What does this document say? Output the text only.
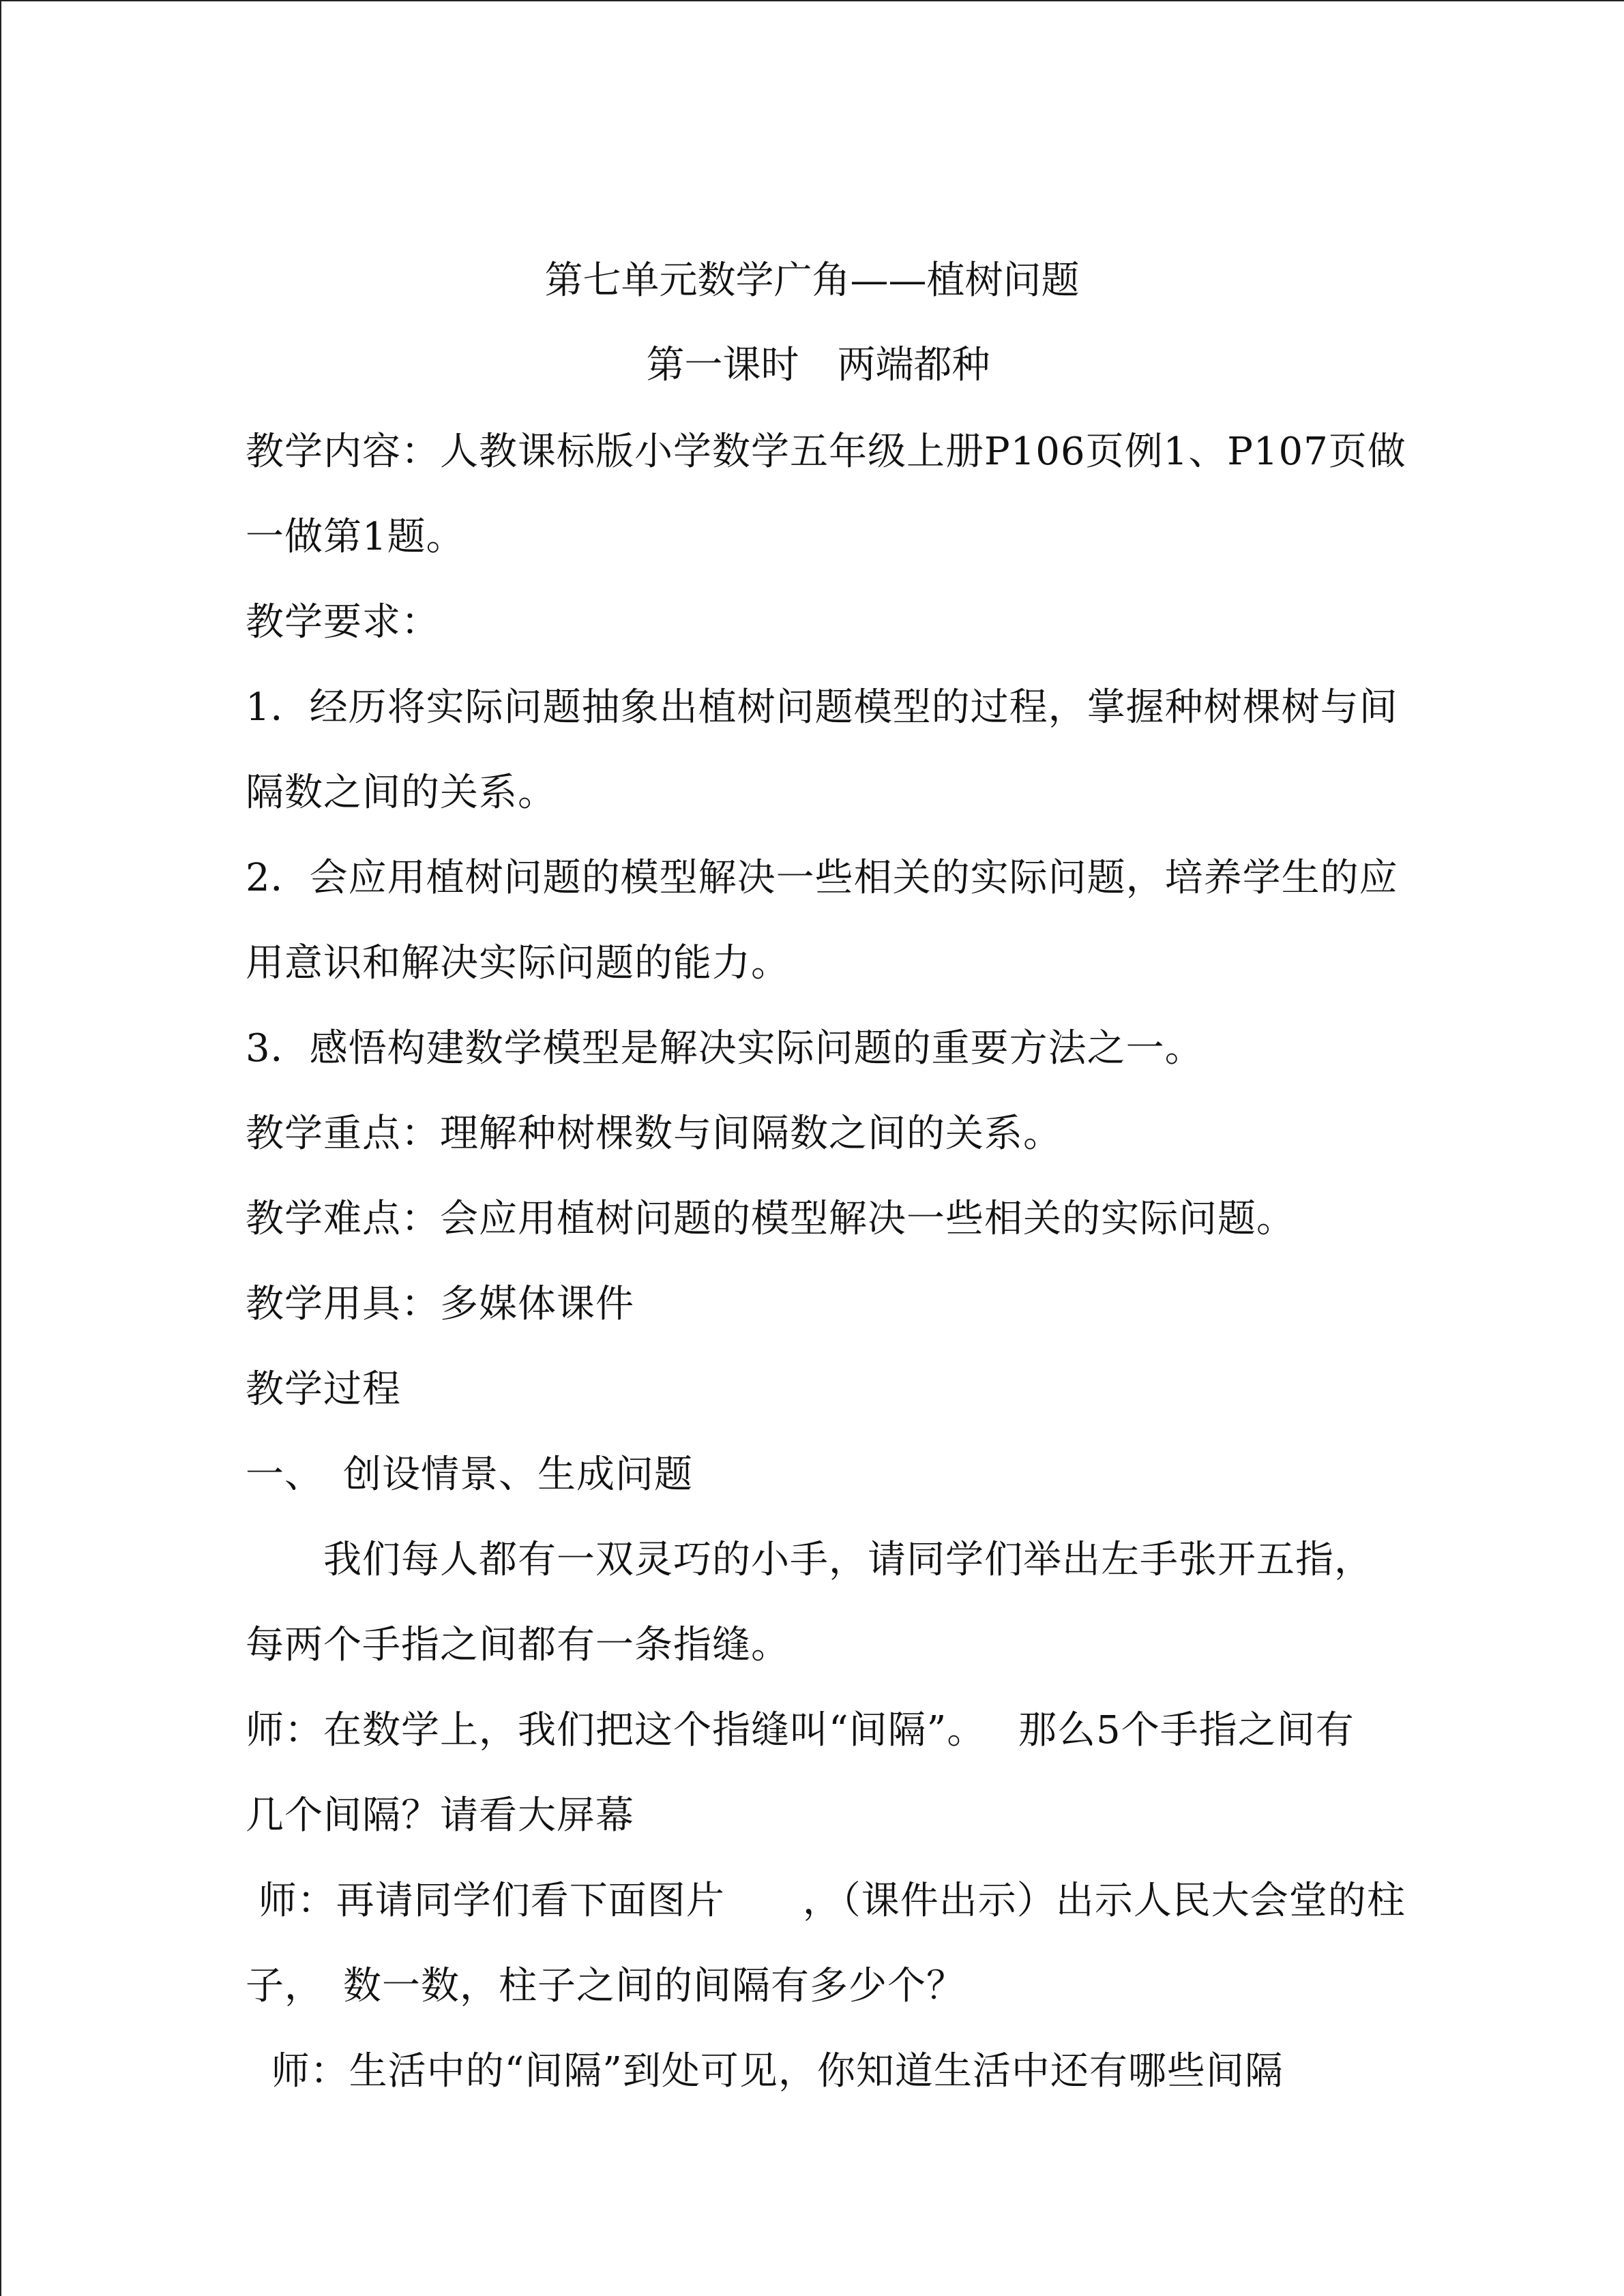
第七单元数学广角——植树问题
第一课时　两端都种
教学内容：人教课标版小学数学五年级上册P106页例1、P107页做
一做第1题。
教学要求：
1．经历将实际问题抽象出植树问题模型的过程，掌握种树棵树与间
隔数之间的关系。
2．会应用植树问题的模型解决一些相关的实际问题，培养学生的应
用意识和解决实际问题的能力。
3．感悟构建数学模型是解决实际问题的重要方法之一。
教学重点：理解种树棵数与间隔数之间的关系。
教学难点：会应用植树问题的模型解决一些相关的实际问题。
教学用具：多媒体课件
教学过程
一、　创设情景、生成问题
　　我们每人都有一双灵巧的小手，请同学们举出左手张开五指，
每两个手指之间都有一条指缝。
师：在数学上，我们把这个指缝叫“间隔”。　 那么5个手指之间有
几个间隔？请看大屏幕
师：再请同学们看下面图片　　，（课件出示）出示人民大会堂的柱
子，　数一数，柱子之间的间隔有多少个？
师：生活中的“间隔”到处可见，你知道生活中还有哪些间隔
